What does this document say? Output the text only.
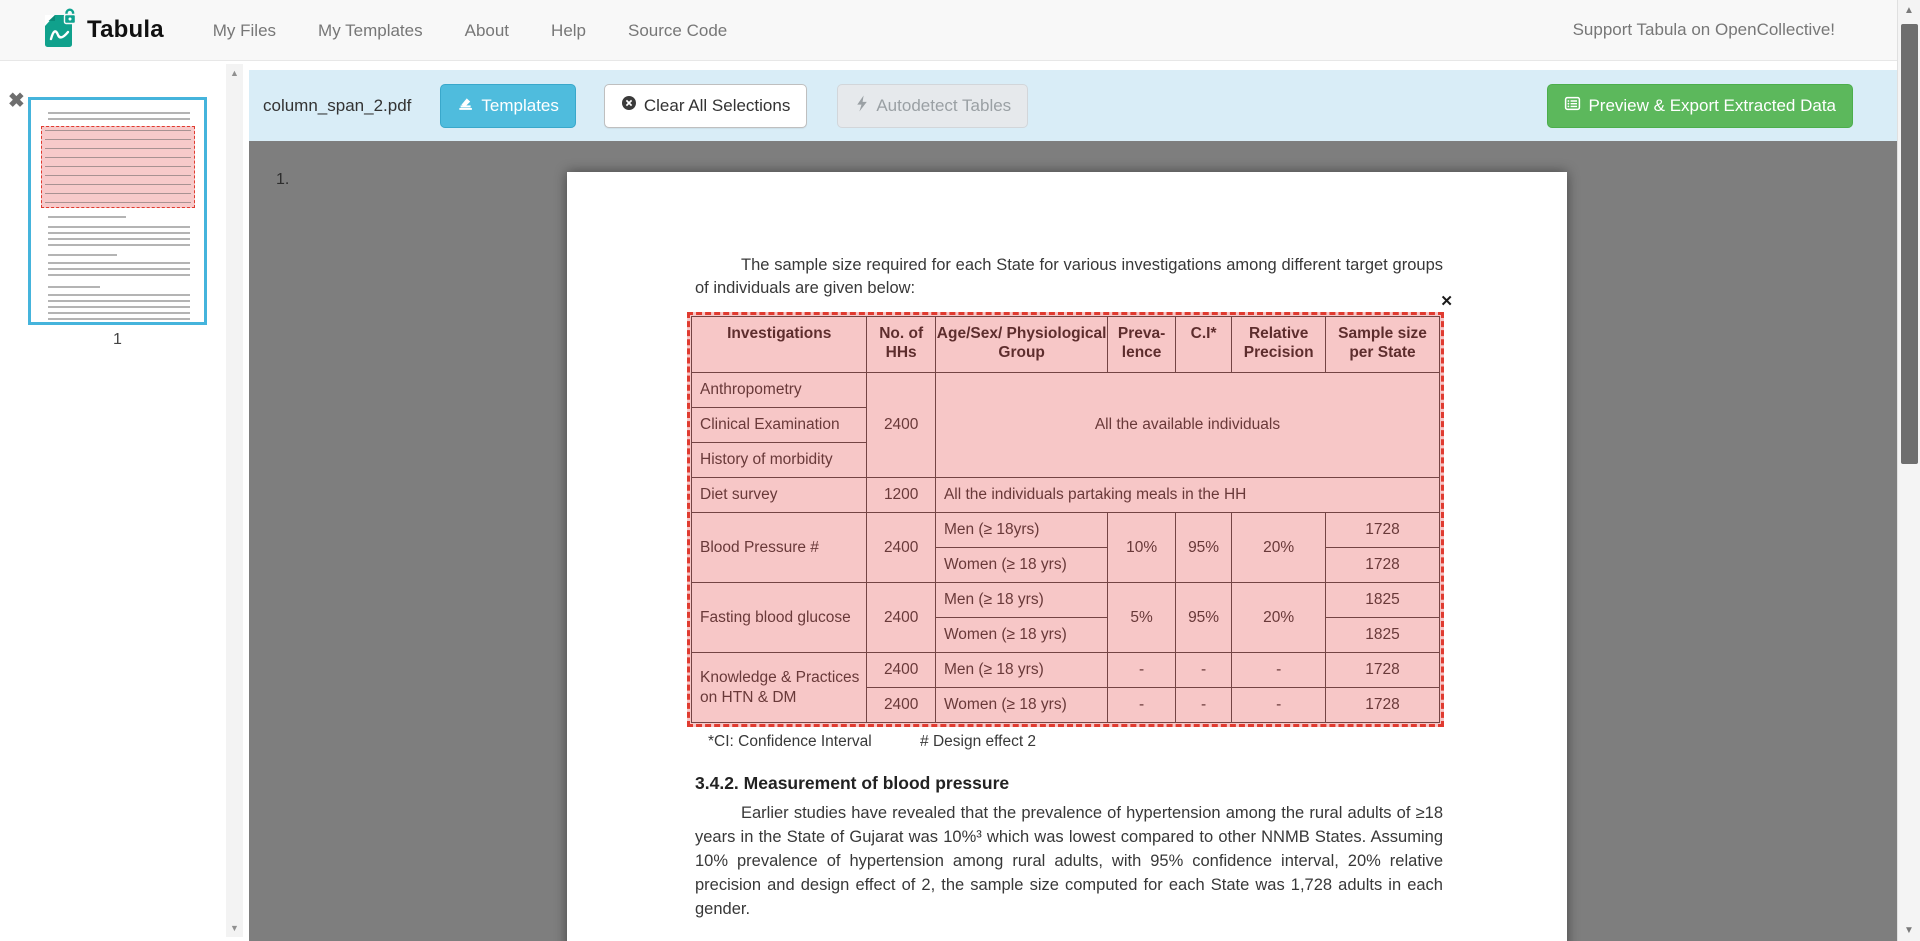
Tabula	My Files	My Templates	About	Help	Source Code	Support Tabula on OpenCollective!
✖
1
▲
▼
column_span_2.pdf	Templates	Clear All Selections	Autodetect Tables	Preview & Export Extracted Data
1.

The sample size required for each State for various investigations among different target groups of individuals are given below:

Investigations	No. of HHs	Age/Sex/ Physiological Group	Preva- lence	C.I*	Relative Precision	Sample size per State
Anthropometry	2400	All the available individuals				
Clinical Examination						
History of morbidity						
Diet survey	1200	All the individuals partaking meals in the HH				
Blood Pressure #	2400	Men (≥ 18yrs)	10%	95%	20%	1728
		Women (≥ 18 yrs)				1728
Fasting blood glucose	2400	Men (≥ 18 yrs)	5%	95%	20%	1825
		Women (≥ 18 yrs)				1825
Knowledge & Practices on HTN & DM	2400	Men (≥ 18 yrs)	-	-	-	1728
	2400	Women (≥ 18 yrs)	-	-	-	1728
✕
*CI: Confidence Interval	# Design effect 2
3.4.2. Measurement of blood pressure

Earlier studies have revealed that the prevalence of hypertension among the rural adults of ≥18 years in the State of Gujarat was 10%³ which was lowest compared to other NNMB States. Assuming 10% prevalence of hypertension among rural adults, with 95% confidence interval, 20% relative precision and design effect of 2, the sample size computed for each State was 1,728 adults in each gender.

▲
▼
